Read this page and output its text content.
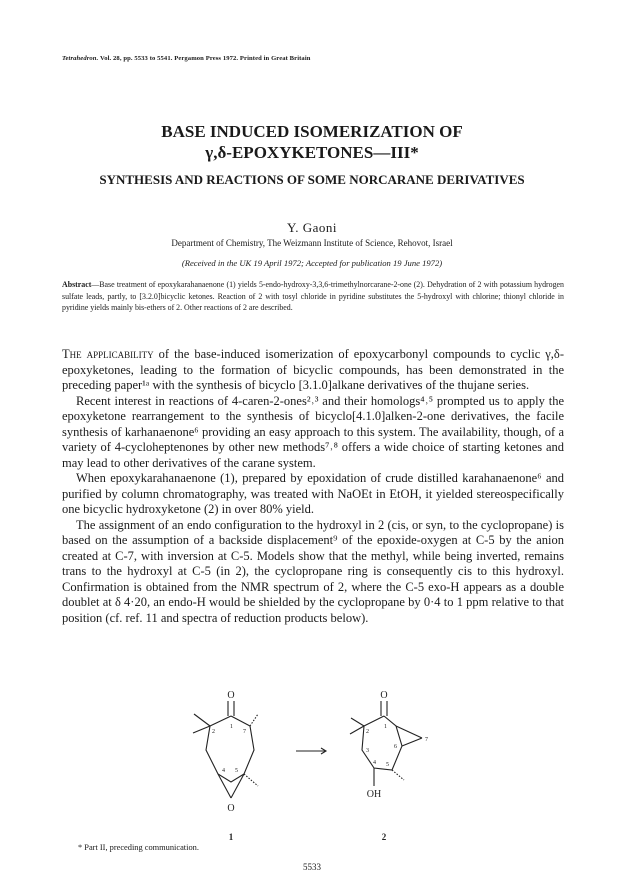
Tetrahedron. Vol. 28, pp. 5533 to 5541. Pergamon Press 1972. Printed in Great Britain
BASE INDUCED ISOMERIZATION OF
γ,δ-EPOXYKETONES—III*
SYNTHESIS AND REACTIONS OF SOME NORCARANE DERIVATIVES
Y. Gaoni
Department of Chemistry, The Weizmann Institute of Science, Rehovot, Israel
(Received in the UK 19 April 1972; Accepted for publication 19 June 1972)
Abstract—Base treatment of epoxykarahanaenone (1) yields 5-endo-hydroxy-3,3,6-trimethylnorcarane-2-one (2). Dehydration of 2 with potassium hydrogen sulfate leads, partly, to [3.2.0]bicyclic ketones. Reaction of 2 with tosyl chloride in pyridine substitutes the 5-hydroxyl with chlorine; thionyl chloride in pyridine yields mainly bis-ethers of 2. Other reactions of 2 are described.

The applicability of the base-induced isomerization of epoxycarbonyl compounds to cyclic γ,δ-epoxyketones, leading to the formation of bicyclic compounds, has been demonstrated in the preceding paper¹ᵃ with the synthesis of bicyclo [3.1.0]alkane derivatives of the thujane series.

Recent interest in reactions of 4-caren-2-ones²˒³ and their homologs⁴˒⁵ prompted us to apply the epoxyketone rearrangement to the synthesis of bicyclo[4.1.0]alken-2-one derivatives, the facile synthesis of karhanaenone⁶ providing an easy approach to this system. The availability, though, of a variety of 4-cycloheptenones by other new methods⁷˒⁸ offers a wide choice of starting ketones and may lead to other derivatives of the carane system.

When epoxykarahanaenone (1), prepared by epoxidation of crude distilled karahanaenone⁶ and purified by column chromatography, was treated with NaOEt in EtOH, it yielded stereospecifically one bicyclic hydroxyketone (2) in over 80% yield.

The assignment of an endo configuration to the hydroxyl in 2 (cis, or syn, to the cyclopropane) is based on the assumption of a backside displacement⁹ of the epoxide-oxygen at C-5 by the anion created at C-7, with inversion at C-5. Models show that the methyl, while being inverted, remains trans to the hydroxyl at C-5 (in 2), the cyclopropane ring is consequently cis to this hydroxyl. Confirmation is obtained from the NMR spectrum of 2, where the C-5 exo-H appears as a double doublet at δ 4·20, an endo-H would be shielded by the cyclopropane by 0·4 to 1 ppm relative to that position (cf. ref. 11 and spectra of reduction products below).

O
O
1
2	7
4 5
1
O
OH
1
2
3
4 5
6
7
2
* Part II, preceding communication.
5533
